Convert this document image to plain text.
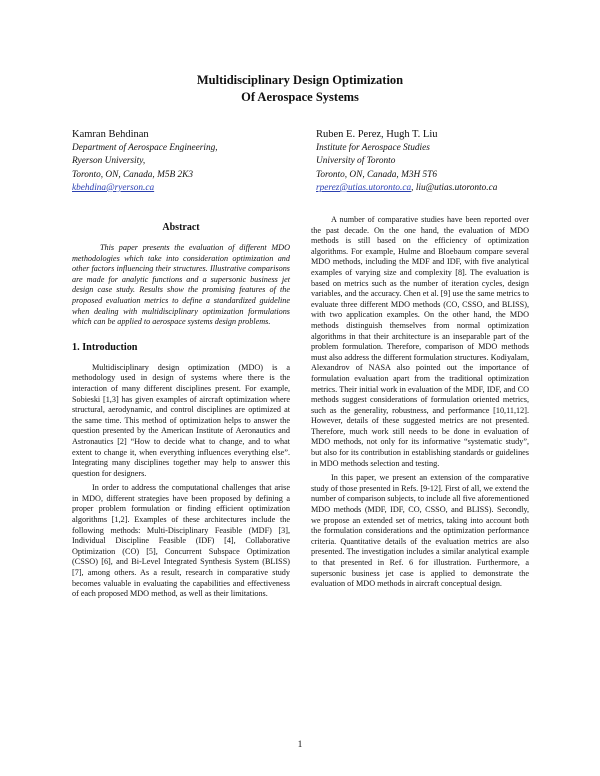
Multidisciplinary Design Optimization
Of Aerospace Systems
Kamran Behdinan
Department of Aerospace Engineering,
Ryerson University,
Toronto, ON, Canada, M5B 2K3
kbehdina@ryerson.ca
Ruben E. Perez, Hugh T. Liu
Institute for Aerospace Studies
University of Toronto
Toronto, ON, Canada, M3H 5T6
rperez@utias.utoronto.ca, liu@utias.utoronto.ca
Abstract

This paper presents the evaluation of different MDO methodologies which take into consideration optimization and other factors influencing their structures. Illustrative comparisons are made for analytic functions and a supersonic business jet design case study. Results show the promising features of the proposed evaluation metrics to define a standardized guideline when dealing with multidisciplinary optimization formulations which can be applied to aerospace systems design problems.

1. Introduction

Multidisciplinary design optimization (MDO) is a methodology used in design of systems where there is the interaction of many different disciplines present. For example, Sobieski [1,3] has given examples of aircraft optimization where structural, aerodynamic, and control disciplines are optimized at the same time. This method of optimization helps to answer the question presented by the American Institute of Aeronautics and Astronautics [2] “How to decide what to change, and to what extent to change it, when everything influences everything else”. Integrating many disciplines together may help to answer this question for designers.

In order to address the computational challenges that arise in MDO, different strategies have been proposed by defining a proper problem formulation or finding efficient optimization algorithms [1,2]. Examples of these architectures include the following methods: Multi-Disciplinary Feasible (MDF) [3], Individual Discipline Feasible (IDF) [4], Collaborative Optimization (CO) [5], Concurrent Subspace Optimization (CSSO) [6], and Bi-Level Integrated Synthesis System (BLISS) [7], among others. As a result, research in comparative study becomes valuable in evaluating the capabilities and effectiveness of each proposed MDO method, as well as their limitations.

A number of comparative studies have been reported over the past decade. On the one hand, the evaluation of MDO methods is still based on the efficiency of optimization algorithms. For example, Hulme and Bloebaum compare several MDO methods, including the MDF and IDF, with five analytical examples of varying size and complexity [8]. The evaluation is based on metrics such as the number of iteration cycles, design variables, and the accuracy. Chen et al. [9] use the same metrics to evaluate three different MDO methods (CO, CSSO, and BLISS), with two application examples. On the other hand, the MDO methods distinguish themselves from normal optimization algorithms in that their architecture is an inseparable part of the problem formulation. Therefore, comparison of MDO methods must also address the different formulation structures. Kodiyalam, Alexandrov of NASA also pointed out the importance of formulation evaluation apart from the traditional optimization metrics. Their initial work in evaluation of the MDF, IDF, and CO methods suggest considerations of formulation oriented metrics, such as the generality, robustness, and performance [10,11,12]. However, details of these suggested metrics are not presented. Therefore, much work still needs to be done in evaluation of MDO methods, not only for its informative “systematic study”, but also for its contribution in establishing standards or guidelines in MDO methods selection and testing.

In this paper, we present an extension of the comparative study of those presented in Refs. [9-12]. First of all, we extend the number of comparison subjects, to include all five aforementioned MDO methods (MDF, IDF, CO, CSSO, and BLISS). Secondly, we propose an extended set of metrics, taking into account both the formulation considerations and the optimization performance criteria. Quantitative details of the evaluation metrics are also presented. The investigation includes a similar analytical example to that presented in Ref. 6 for illustration. Furthermore, a supersonic business jet case is applied to demonstrate the evaluation of MDO methods in aircraft conceptual design.

1
